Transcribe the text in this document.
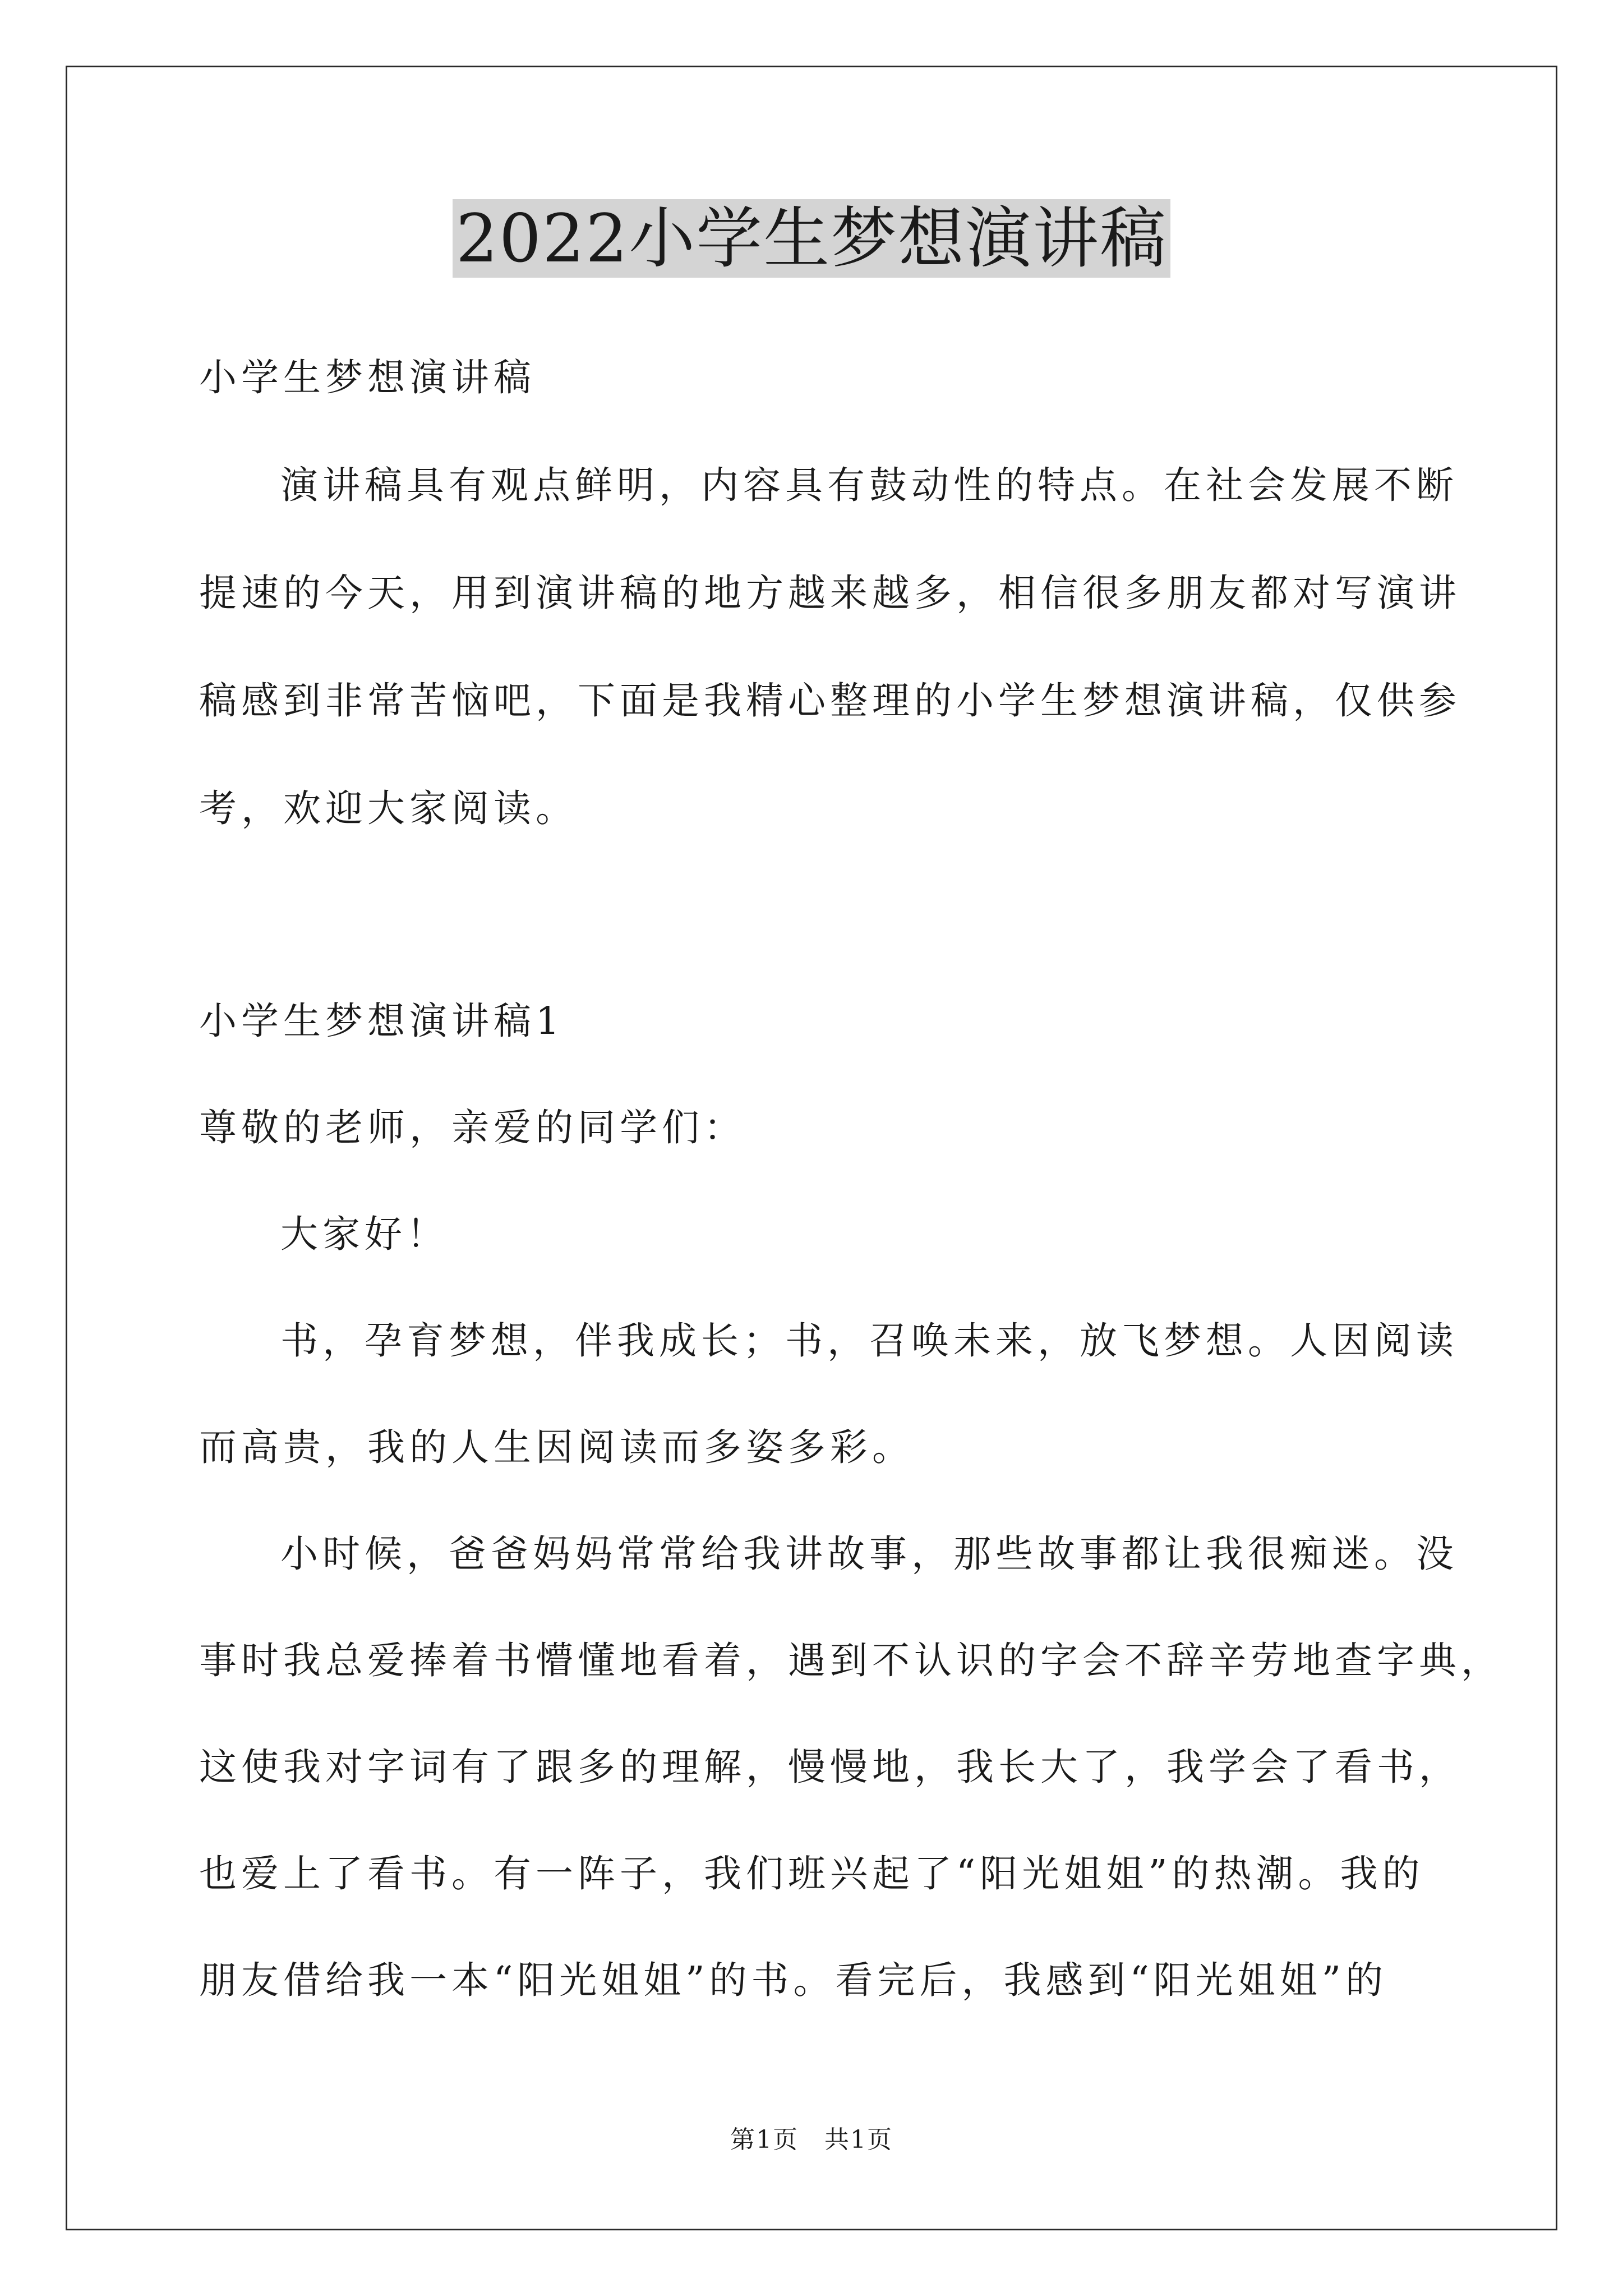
2022小学生梦想演讲稿
小学生梦想演讲稿
演讲稿具有观点鲜明，内容具有鼓动性的特点。在社会发展不断
提速的今天，用到演讲稿的地方越来越多，相信很多朋友都对写演讲
稿感到非常苦恼吧，下面是我精心整理的小学生梦想演讲稿，仅供参
考，欢迎大家阅读。
小学生梦想演讲稿1
尊敬的老师，亲爱的同学们：
大家好！
书，孕育梦想，伴我成长；书，召唤未来，放飞梦想。人因阅读
而高贵，我的人生因阅读而多姿多彩。
小时候，爸爸妈妈常常给我讲故事，那些故事都让我很痴迷。没
事时我总爱捧着书懵懂地看着，遇到不认识的字会不辞辛劳地查字典，
这使我对字词有了跟多的理解，慢慢地，我长大了，我学会了看书，
也爱上了看书。有一阵子，我们班兴起了“阳光姐姐”的热潮。我的
朋友借给我一本“阳光姐姐”的书。看完后，我感到“阳光姐姐”的
第1页　共1页
